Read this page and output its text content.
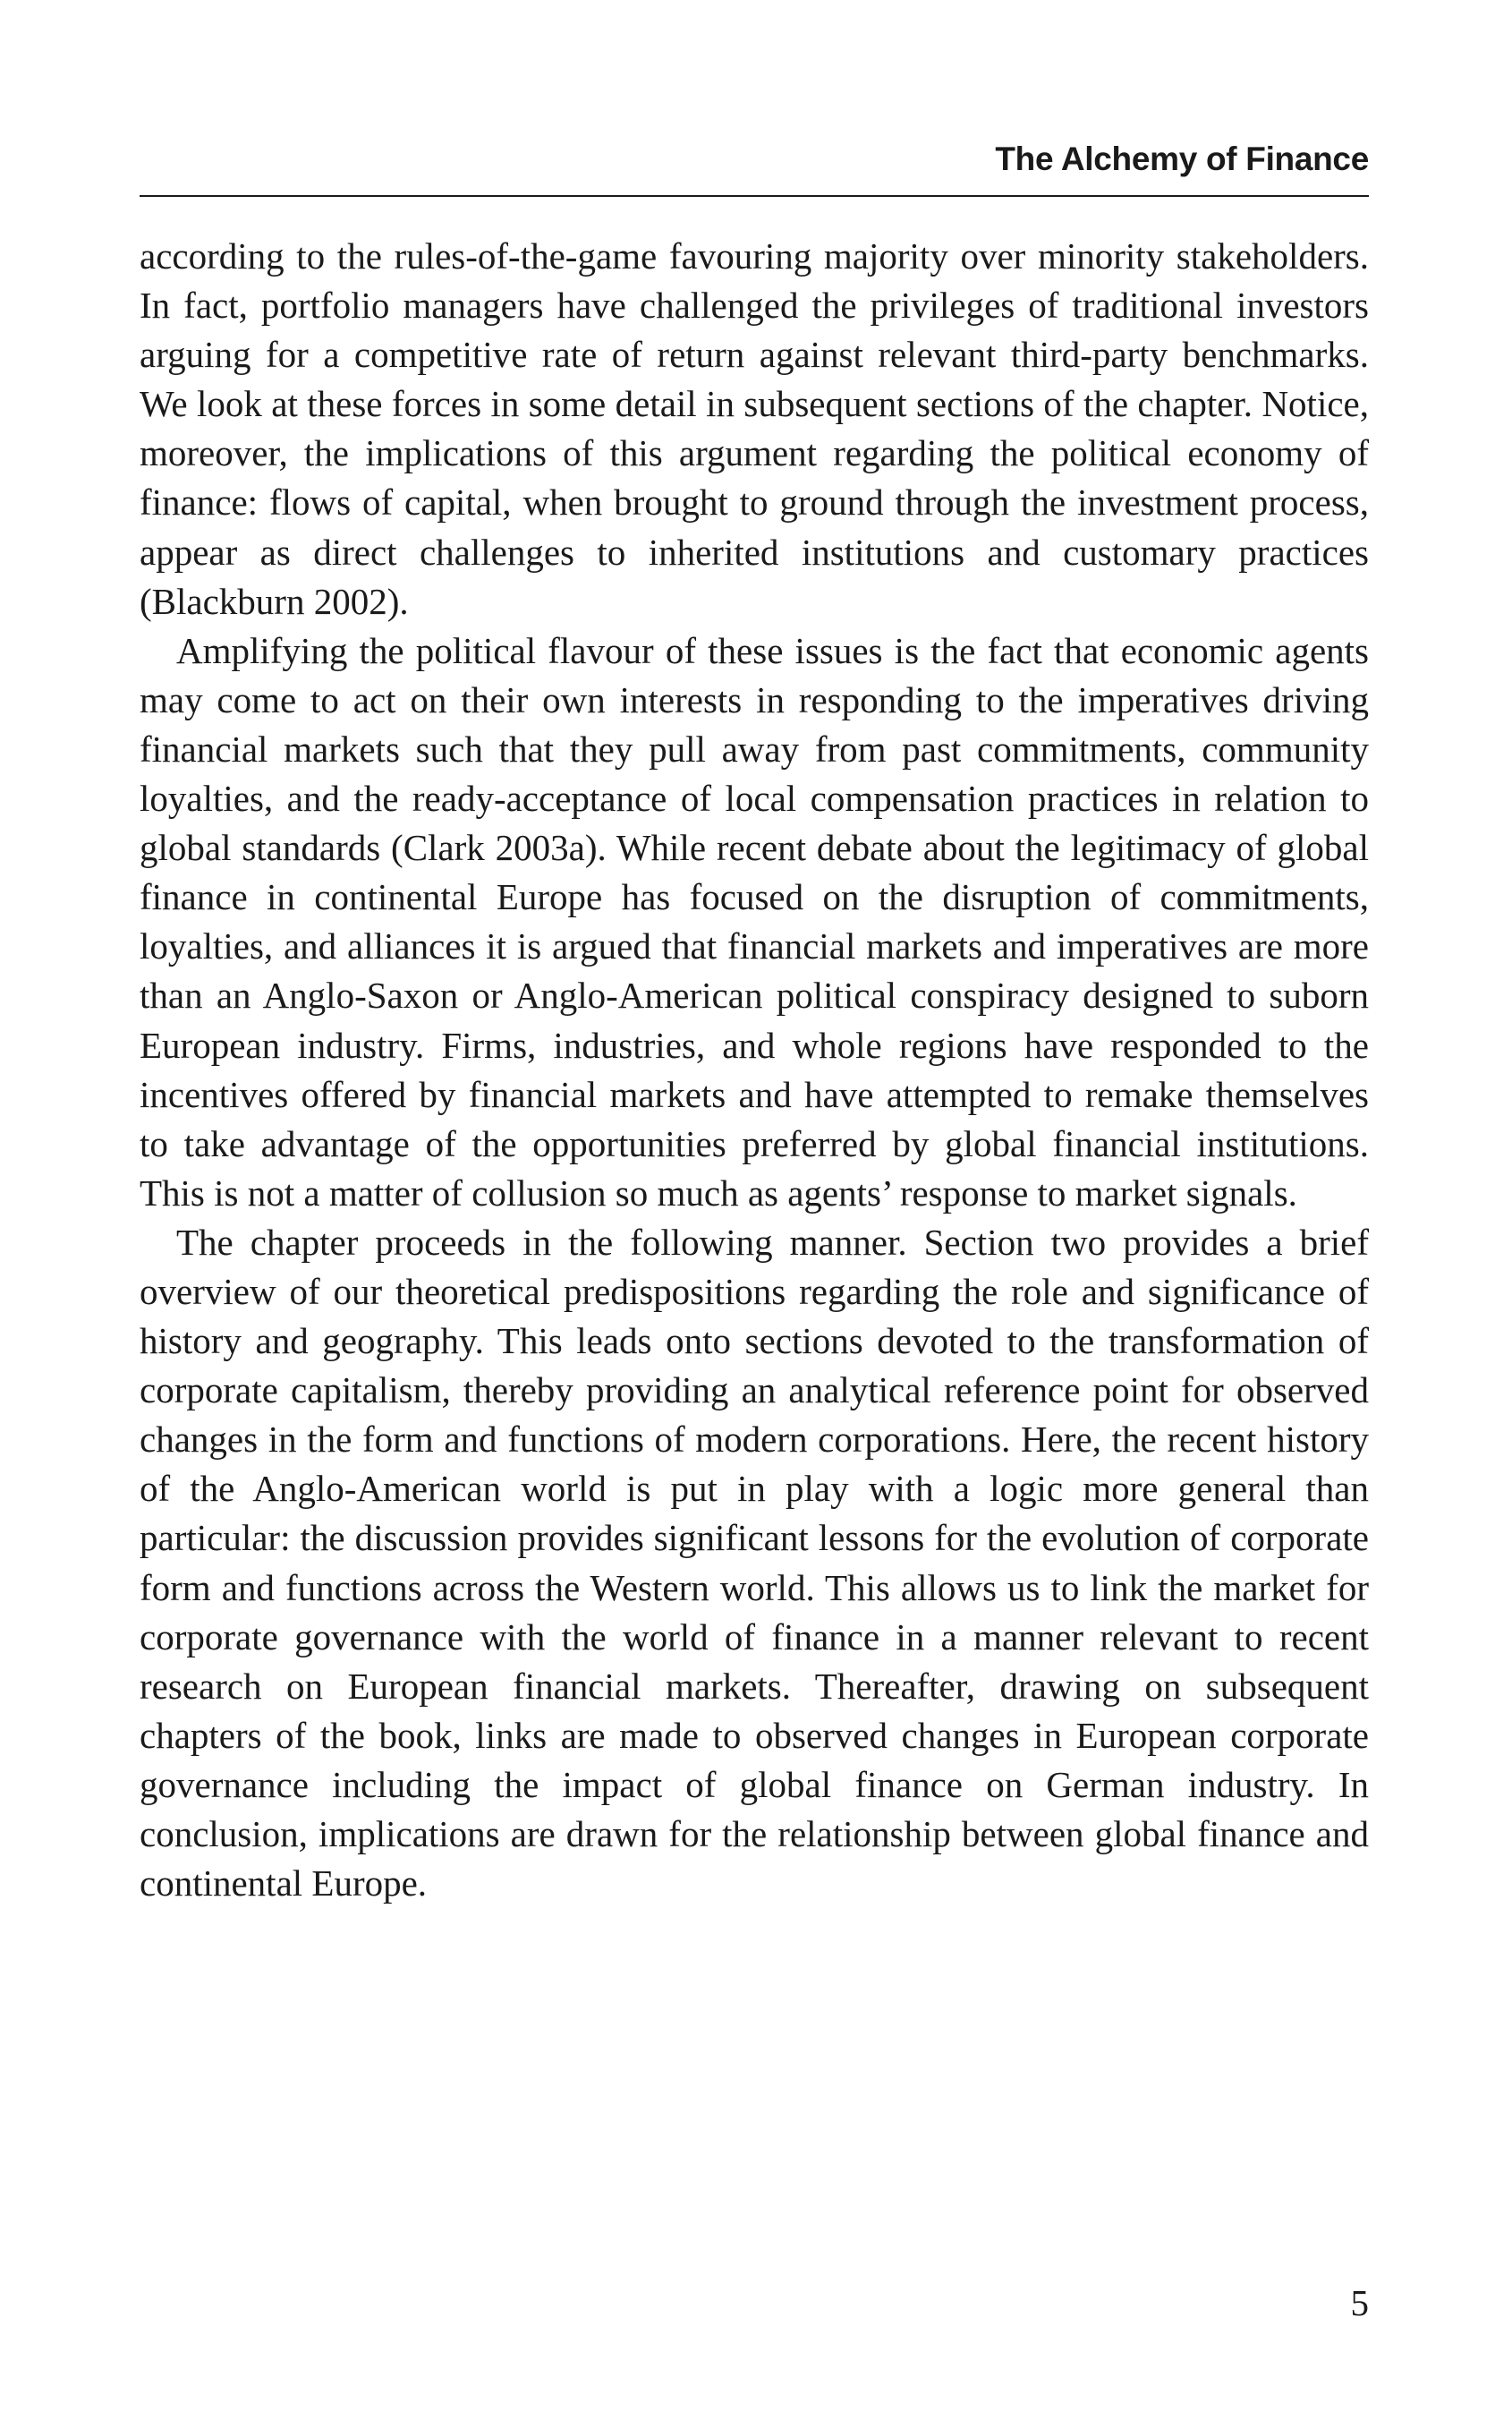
The Alchemy of Finance

according to the rules-of-the-game favouring majority over minority stakeholders. In fact, portfolio managers have challenged the privileges of traditional investors arguing for a competitive rate of return against relevant third-party benchmarks. We look at these forces in some detail in subsequent sections of the chapter. Notice, moreover, the implications of this argument regarding the political economy of finance: flows of capital, when brought to ground through the investment process, appear as direct challenges to inherited institutions and customary practices (Blackburn 2002).

Amplifying the political flavour of these issues is the fact that economic agents may come to act on their own interests in responding to the imperatives driving financial markets such that they pull away from past commitments, community loyalties, and the ready-acceptance of local compensation practices in relation to global standards (Clark 2003a). While recent debate about the legitimacy of global finance in continental Europe has focused on the disruption of commitments, loyalties, and alliances it is argued that financial markets and imperatives are more than an Anglo-Saxon or Anglo-American political conspiracy designed to suborn European industry. Firms, industries, and whole regions have responded to the incentives offered by financial markets and have attempted to remake themselves to take advantage of the opportunities preferred by global financial institutions. This is not a matter of collusion so much as agents’ response to market signals.

The chapter proceeds in the following manner. Section two provides a brief overview of our theoretical predispositions regarding the role and significance of history and geography. This leads onto sections devoted to the transformation of corporate capitalism, thereby providing an analytical reference point for observed changes in the form and functions of modern corporations. Here, the recent history of the Anglo-American world is put in play with a logic more general than particular: the discussion provides significant lessons for the evolution of corporate form and functions across the Western world. This allows us to link the market for corporate governance with the world of finance in a manner relevant to recent research on European financial markets. Thereafter, drawing on subsequent chapters of the book, links are made to observed changes in European corporate governance including the impact of global finance on German industry. In conclusion, implications are drawn for the relationship between global finance and continental Europe.

5
